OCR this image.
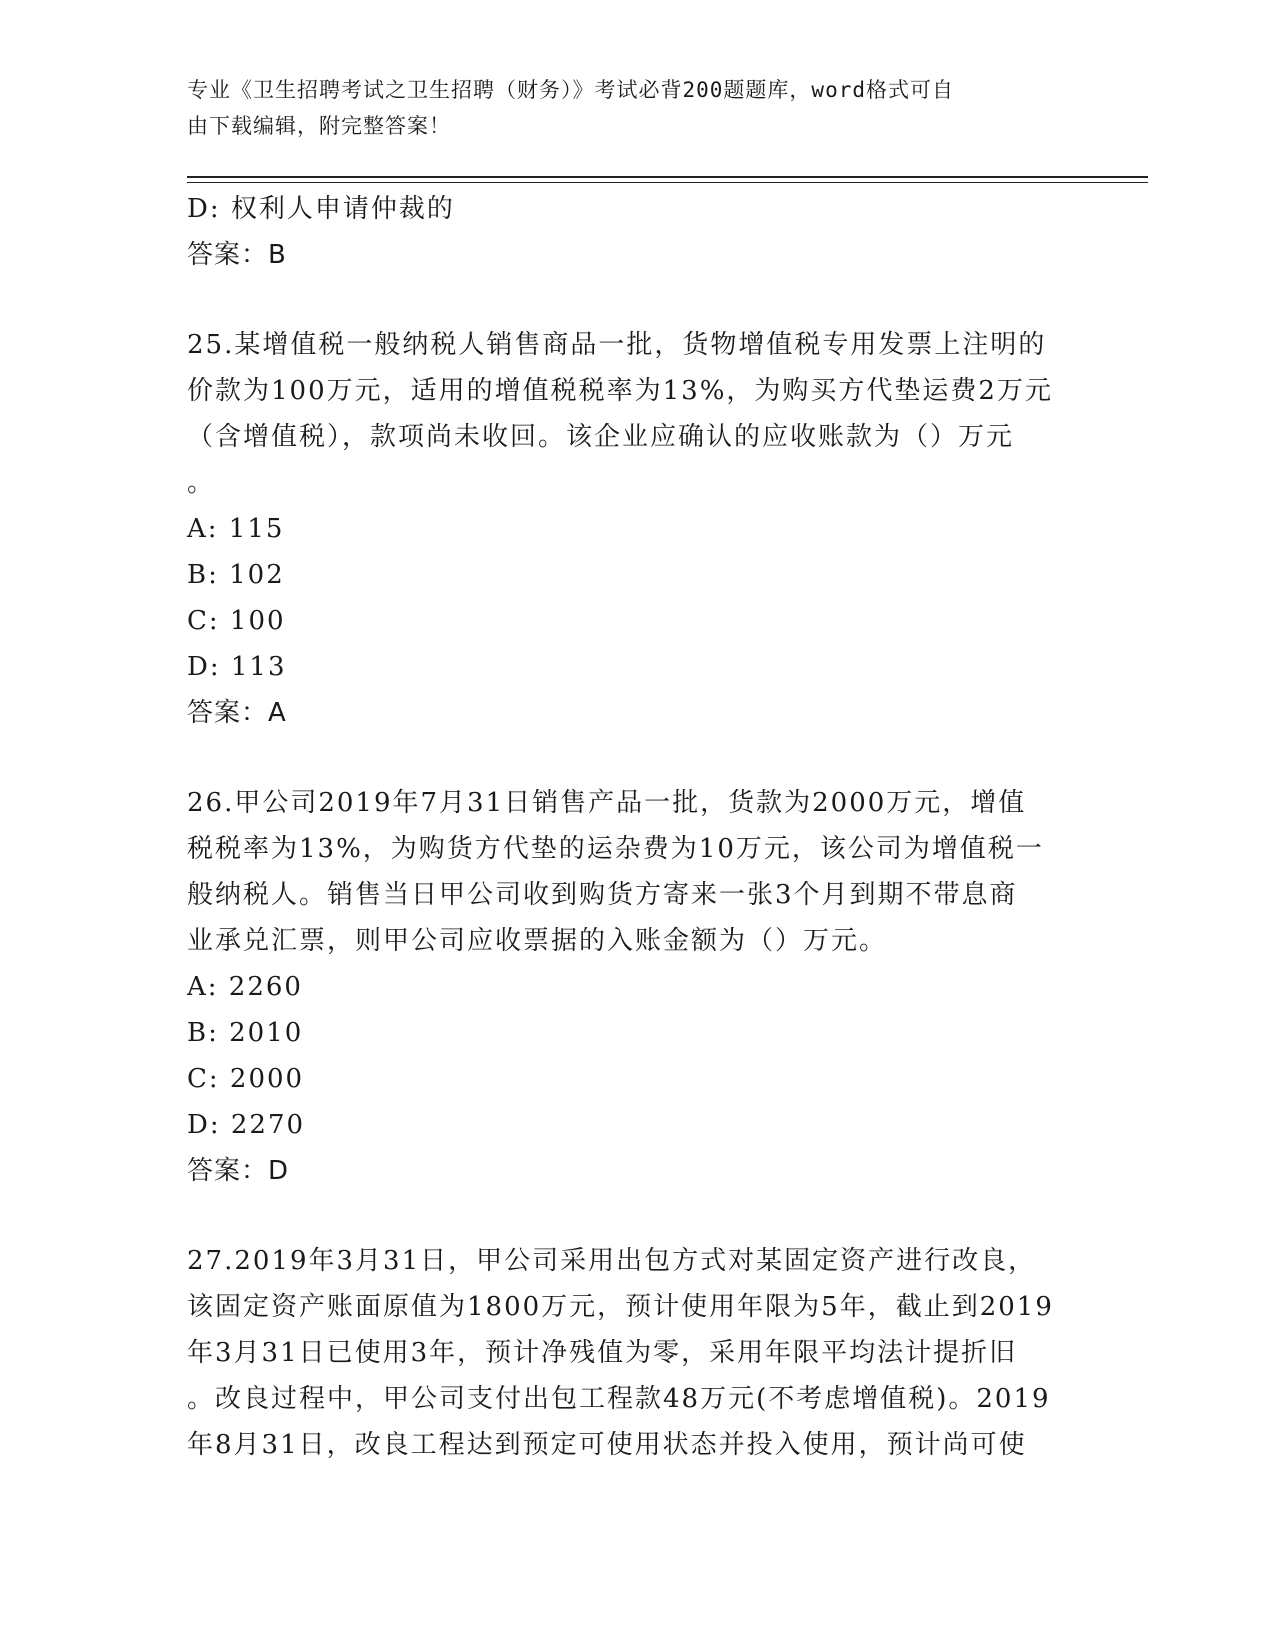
专业《卫生招聘考试之卫生招聘（财务）》考试必背200题题库，word格式可自
由下载编辑，附完整答案！
D: 权利人申请仲裁的
答案：B
25.某增值税一般纳税人销售商品一批，货物增值税专用发票上注明的
价款为100万元，适用的增值税税率为13%，为购买方代垫运费2万元
（含增值税），款项尚未收回。该企业应确认的应收账款为（）万元
。
A: 115
B: 102
C: 100
D: 113
答案：A
26.甲公司2019年7月31日销售产品一批，货款为2000万元，增值
税税率为13%，为购货方代垫的运杂费为10万元，该公司为增值税一
般纳税人。销售当日甲公司收到购货方寄来一张3个月到期不带息商
业承兑汇票，则甲公司应收票据的入账金额为（）万元。
A: 2260
B: 2010
C: 2000
D: 2270
答案：D
27.2019年3月31日，甲公司采用出包方式对某固定资产进行改良，
该固定资产账面原值为1800万元，预计使用年限为5年，截止到2019
年3月31日已使用3年，预计净残值为零，采用年限平均法计提折旧
。改良过程中，甲公司支付出包工程款48万元(不考虑增值税)。2019
年8月31日，改良工程达到预定可使用状态并投入使用，预计尚可使
